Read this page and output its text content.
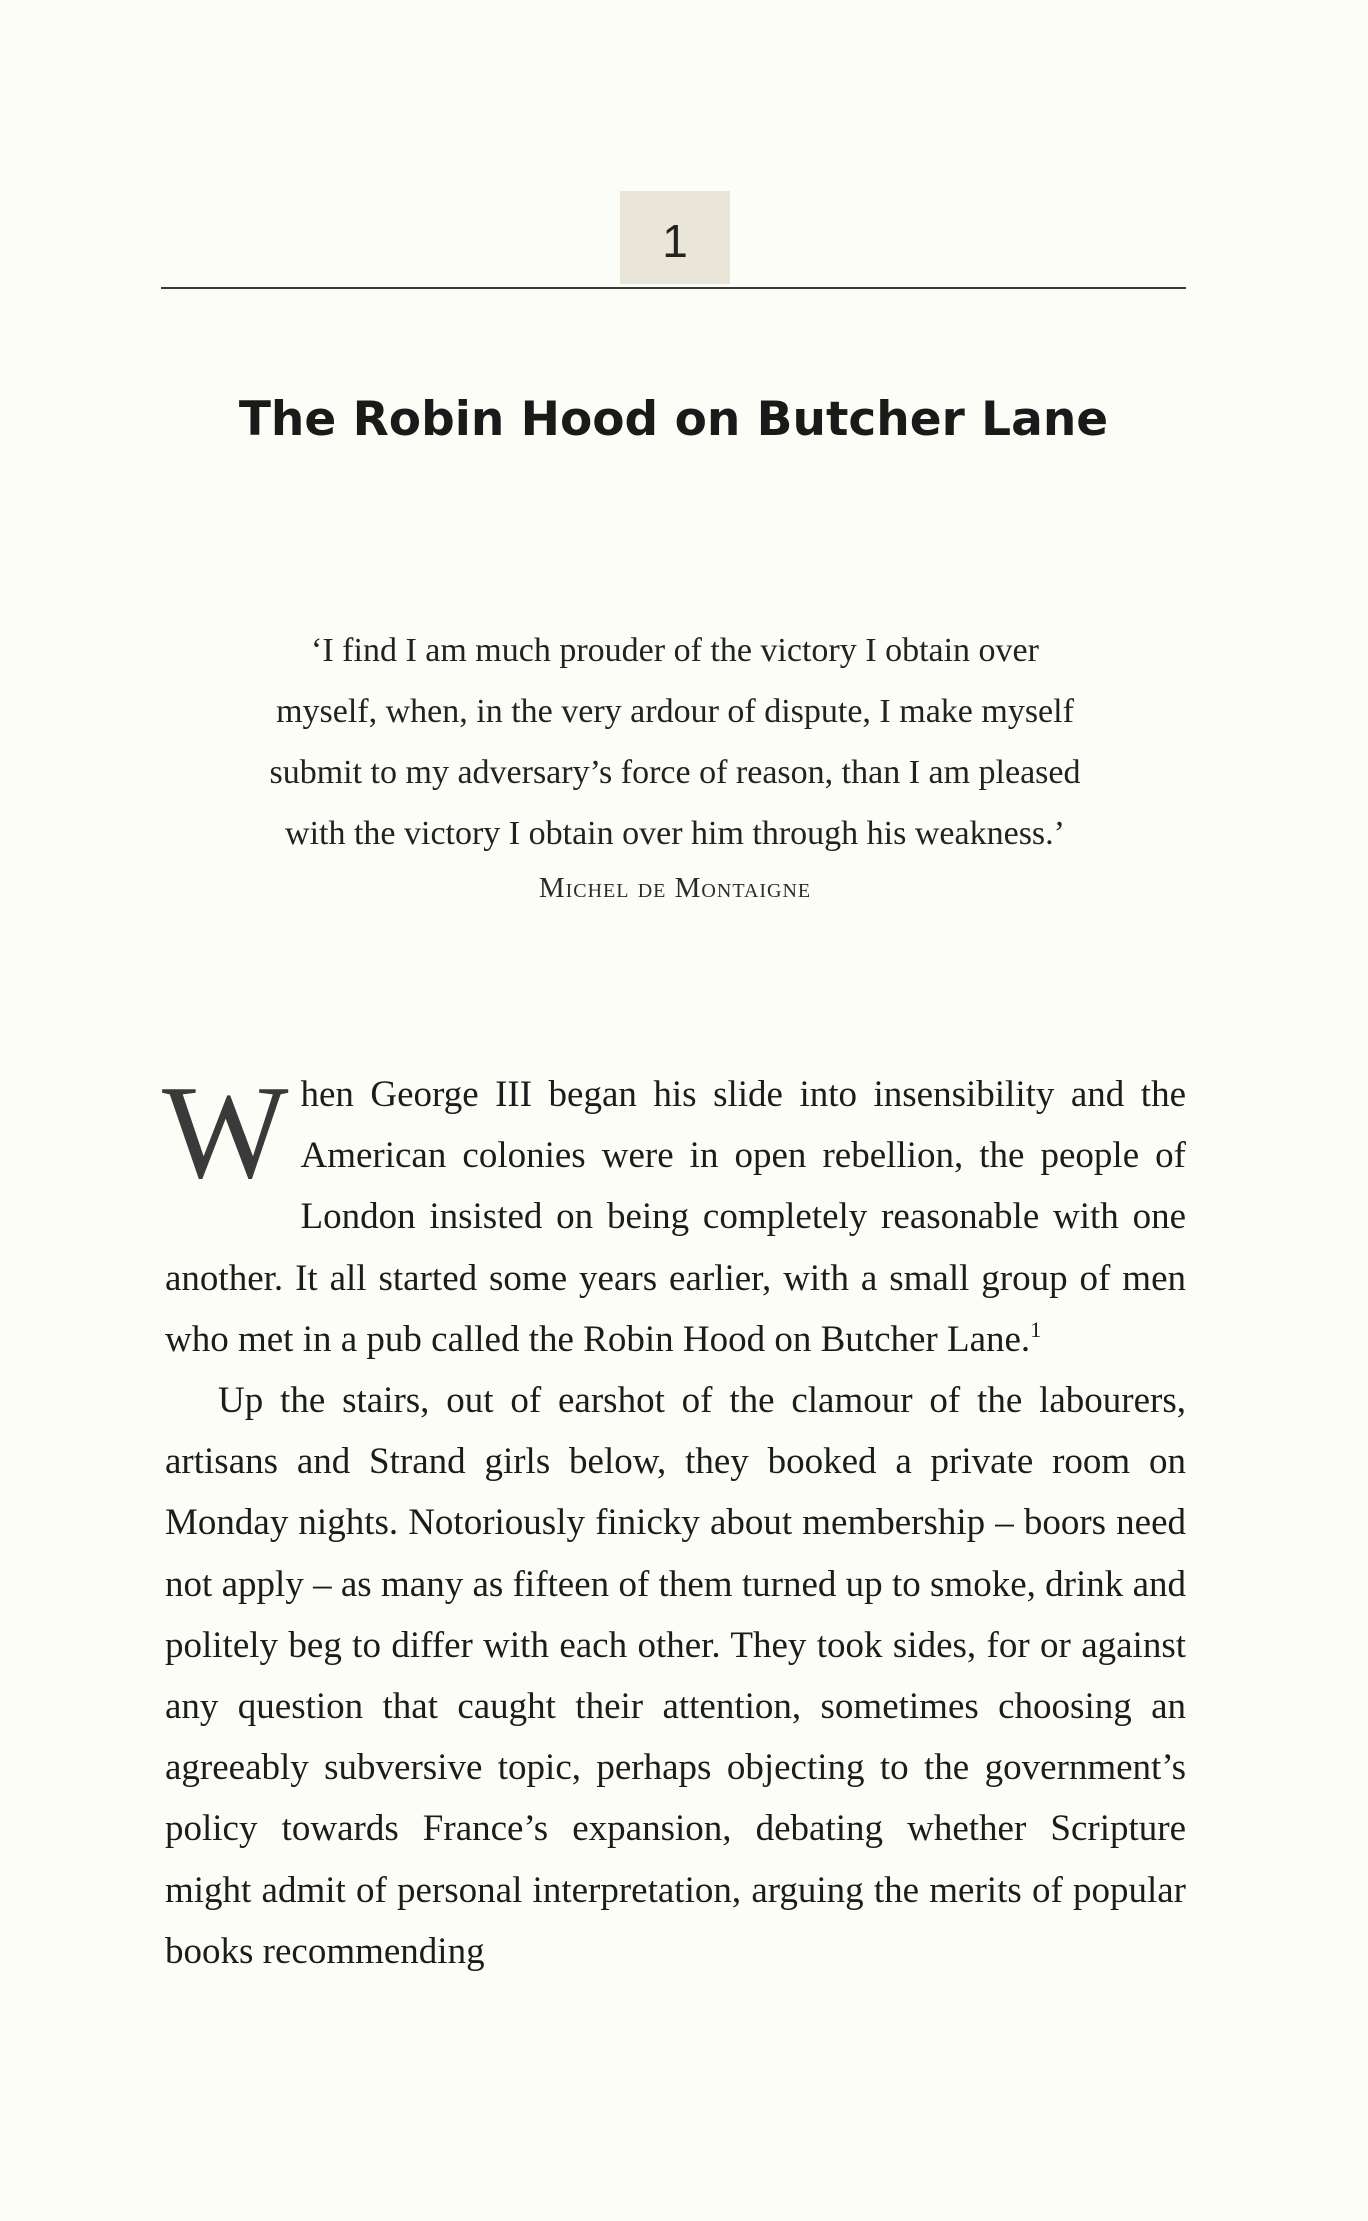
1
The Robin Hood on Butcher Lane
‘I find I am much prouder of the victory I obtain over
myself, when, in the very ardour of dispute, I make myself
submit to my adversary’s force of reason, than I am pleased
with the victory I obtain over him through his weakness.’
Michel de Montaigne

When George III began his slide into insensibility and the American colonies were in open rebellion, the people of London insisted on being completely reasonable with one another. It all started some years earlier, with a small group of men who met in a pub called the Robin Hood on Butcher Lane.$^1$

Up the stairs, out of earshot of the clamour of the labourers, artisans and Strand girls below, they booked a private room on Monday nights. Notoriously finicky about membership – boors need not apply – as many as fifteen of them turned up to smoke, drink and politely beg to differ with each other. They took sides, for or against any question that caught their attention, sometimes choosing an agreeably subversive topic, perhaps objecting to the government’s policy towards France’s expansion, debating whether Scripture might admit of personal interpretation, arguing the merits of popular books recommending
